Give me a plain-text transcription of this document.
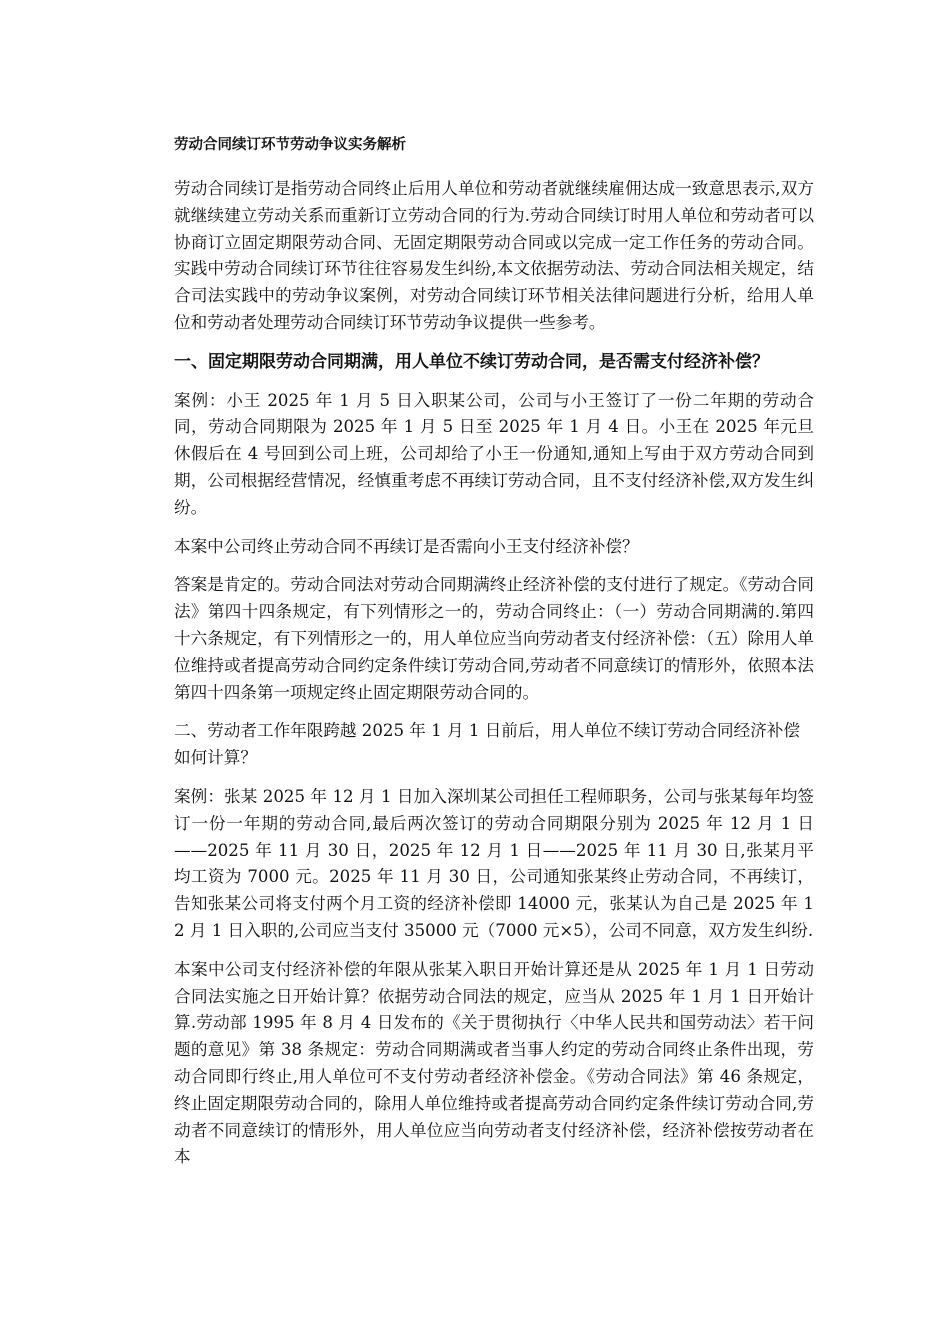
劳动合同续订环节劳动争议实务解析

劳动合同续订是指劳动合同终止后用人单位和劳动者就继续雇佣达成一致意思表示,双方就继续建立劳动关系而重新订立劳动合同的行为.劳动合同续订时用人单位和劳动者可以协商订立固定期限劳动合同、无固定期限劳动合同或以完成一定工作任务的劳动合同。实践中劳动合同续订环节往往容易发生纠纷,本文依据劳动法、劳动合同法相关规定，结合司法实践中的劳动争议案例，对劳动合同续订环节相关法律问题进行分析，给用人单位和劳动者处理劳动合同续订环节劳动争议提供一些参考。

一、固定期限劳动合同期满，用人单位不续订劳动合同，是否需支付经济补偿？

案例：小王 2025 年 1 月 5 日入职某公司，公司与小王签订了一份二年期的劳动合同，劳动合同期限为 2025 年 1 月 5 日至 2025 年 1 月 4 日。小王在 2025 年元旦休假后在 4 号回到公司上班，公司却给了小王一份通知,通知上写由于双方劳动合同到期，公司根据经营情况，经慎重考虑不再续订劳动合同，且不支付经济补偿,双方发生纠纷。

本案中公司终止劳动合同不再续订是否需向小王支付经济补偿？

答案是肯定的。劳动合同法对劳动合同期满终止经济补偿的支付进行了规定。《劳动合同法》第四十四条规定，有下列情形之一的，劳动合同终止：（一）劳动合同期满的.第四十六条规定，有下列情形之一的，用人单位应当向劳动者支付经济补偿：（五）除用人单位维持或者提高劳动合同约定条件续订劳动合同,劳动者不同意续订的情形外，依照本法第四十四条第一项规定终止固定期限劳动合同的。

二、劳动者工作年限跨越 2025 年 1 月 1 日前后，用人单位不续订劳动合同经济补偿如何计算？

案例：张某 2025 年 12 月 1 日加入深圳某公司担任工程师职务，公司与张某每年均签订一份一年期的劳动合同,最后两次签订的劳动合同期限分别为 2025 年 12 月 1 日——2025 年 11 月 30 日，2025 年 12 月 1 日——2025 年 11 月 30 日,张某月平均工资为 7000 元。2025 年 11 月 30 日，公司通知张某终止劳动合同，不再续订，告知张某公司将支付两个月工资的经济补偿即 14000 元，张某认为自己是 2025 年 12 月 1 日入职的,公司应当支付 35000 元（7000 元×5），公司不同意，双方发生纠纷.

本案中公司支付经济补偿的年限从张某入职日开始计算还是从 2025 年 1 月 1 日劳动合同法实施之日开始计算？依据劳动合同法的规定，应当从 2025 年 1 月 1 日开始计算.劳动部 1995 年 8 月 4 日发布的《关于贯彻执行〈中华人民共和国劳动法〉若干问题的意见》第 38 条规定：劳动合同期满或者当事人约定的劳动合同终止条件出现，劳动合同即行终止,用人单位可不支付劳动者经济补偿金。《劳动合同法》第 46 条规定，终止固定期限劳动合同的，除用人单位维持或者提高劳动合同约定条件续订劳动合同,劳动者不同意续订的情形外，用人单位应当向劳动者支付经济补偿，经济补偿按劳动者在本
